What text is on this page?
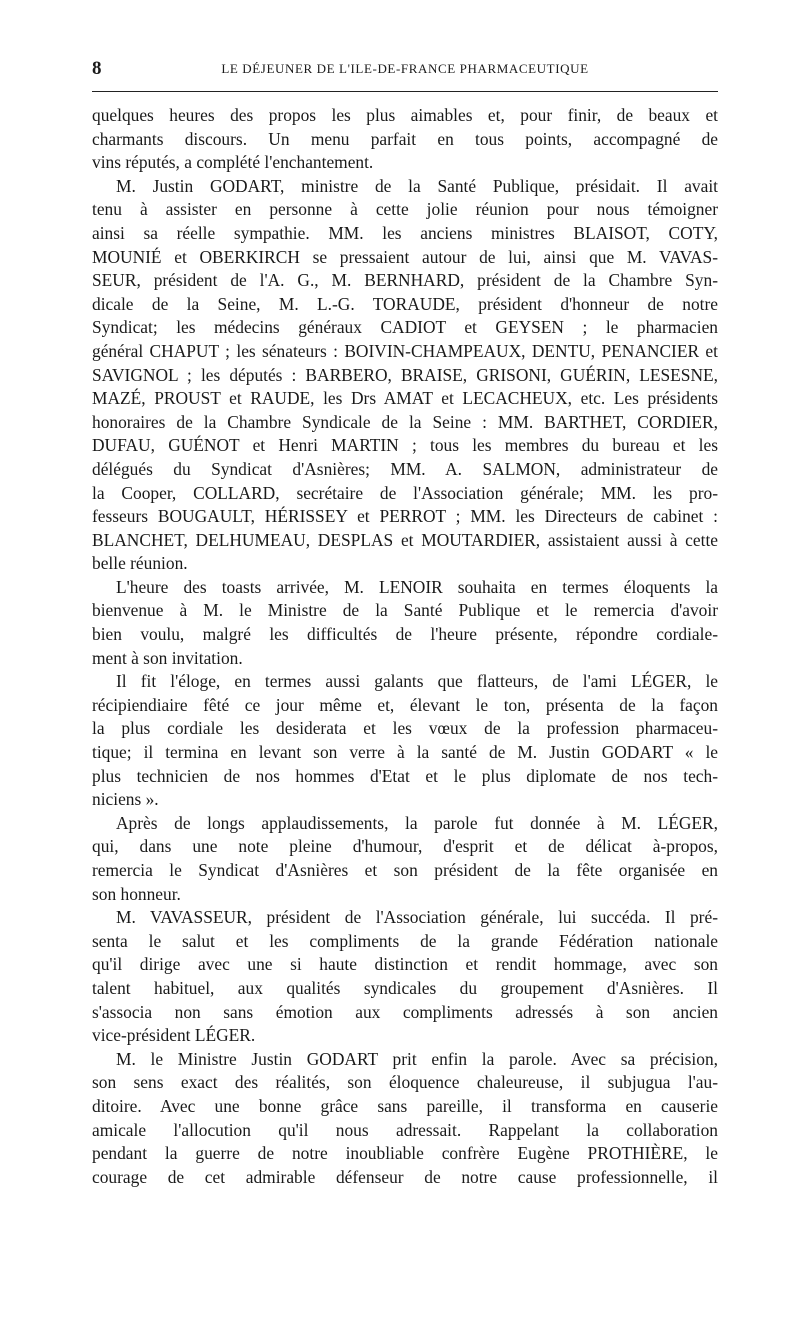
8	LE DÉJEUNER DE L'ILE-DE-FRANCE PHARMACEUTIQUE

quelques heures des propos les plus aimables et, pour finir, de beaux et
charmants discours. Un menu parfait en tous points, accompagné de
vins réputés, a complété l'enchantement.

M. Justin GODART, ministre de la Santé Publique, présidait. Il avait
tenu à assister en personne à cette jolie réunion pour nous témoigner
ainsi sa réelle sympathie. MM. les anciens ministres BLAISOT, COTY,
MOUNIÉ et OBERKIRCH se pressaient autour de lui, ainsi que M. VAVAS-
SEUR, président de l'A. G., M. BERNHARD, président de la Chambre Syn-
dicale de la Seine, M. L.-G. TORAUDE, président d'honneur de notre
Syndicat; les médecins généraux CADIOT et GEYSEN ; le pharmacien
général CHAPUT ; les sénateurs : BOIVIN-CHAMPEAUX, DENTU, PENANCIER et
SAVIGNOL ; les députés : BARBERO, BRAISE, GRISONI, GUÉRIN, LESESNE,
MAZÉ, PROUST et RAUDE, les Drs AMAT et LECACHEUX, etc. Les présidents
honoraires de la Chambre Syndicale de la Seine : MM. BARTHET, CORDIER,
DUFAU, GUÉNOT et Henri MARTIN ; tous les membres du bureau et les
délégués du Syndicat d'Asnières; MM. A. SALMON, administrateur de
la Cooper, COLLARD, secrétaire de l'Association générale; MM. les pro-
fesseurs BOUGAULT, HÉRISSEY et PERROT ; MM. les Directeurs de cabinet :
BLANCHET, DELHUMEAU, DESPLAS et MOUTARDIER, assistaient aussi à cette
belle réunion.

L'heure des toasts arrivée, M. LENOIR souhaita en termes éloquents la
bienvenue à M. le Ministre de la Santé Publique et le remercia d'avoir
bien voulu, malgré les difficultés de l'heure présente, répondre cordiale-
ment à son invitation.

Il fit l'éloge, en termes aussi galants que flatteurs, de l'ami LÉGER, le
récipiendiaire fêté ce jour même et, élevant le ton, présenta de la façon
la plus cordiale les desiderata et les vœux de la profession pharmaceu-
tique; il termina en levant son verre à la santé de M. Justin GODART « le
plus technicien de nos hommes d'Etat et le plus diplomate de nos tech-
niciens ».

Après de longs applaudissements, la parole fut donnée à M. LÉGER,
qui, dans une note pleine d'humour, d'esprit et de délicat à-propos,
remercia le Syndicat d'Asnières et son président de la fête organisée en
son honneur.

M. VAVASSEUR, président de l'Association générale, lui succéda. Il pré-
senta le salut et les compliments de la grande Fédération nationale
qu'il dirige avec une si haute distinction et rendit hommage, avec son
talent habituel, aux qualités syndicales du groupement d'Asnières. Il
s'associa non sans émotion aux compliments adressés à son ancien
vice-président LÉGER.

M. le Ministre Justin GODART prit enfin la parole. Avec sa précision,
son sens exact des réalités, son éloquence chaleureuse, il subjugua l'au-
ditoire. Avec une bonne grâce sans pareille, il transforma en causerie
amicale l'allocution qu'il nous adressait. Rappelant la collaboration
pendant la guerre de notre inoubliable confrère Eugène PROTHIÈRE, le
courage de cet admirable défenseur de notre cause professionnelle, il
